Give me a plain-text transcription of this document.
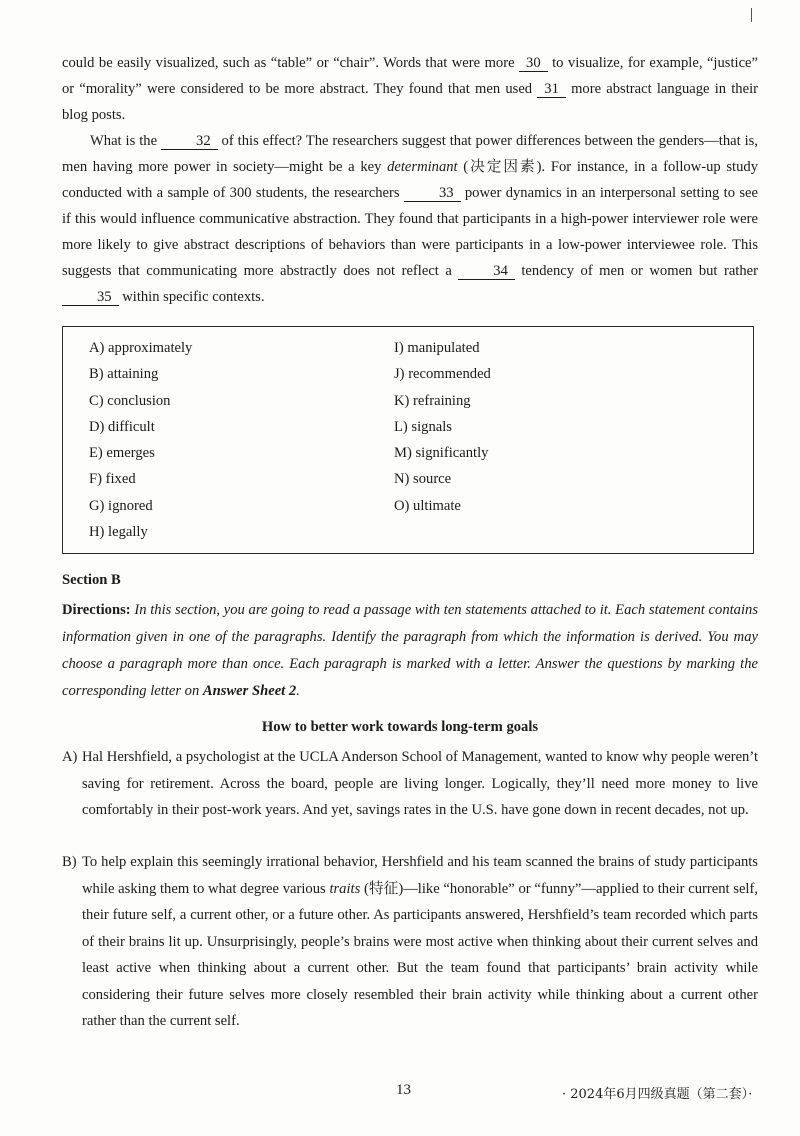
could be easily visualized, such as “table” or “chair”. Words that were more 30 to visualize, for example, “justice” or “morality” were considered to be more abstract. They found that men used 31 more abstract language in their blog posts.

What is the 32 of this effect? The researchers suggest that power differences between the genders—that is, men having more power in society—might be a key determinant (决定因素). For instance, in a follow-up study conducted with a sample of 300 students, the researchers 33 power dynamics in an interpersonal setting to see if this would influence communicative abstraction. They found that participants in a high-power interviewer role were more likely to give abstract descriptions of behaviors than were participants in a low-power interviewee role. This suggests that communicating more abstractly does not reflect a 34 tendency of men or women but rather 35 within specific contexts.

A) approximately
B) attaining
C) conclusion
D) difficult
E) emerges
F) fixed
G) ignored
H) legally
I) manipulated
J) recommended
K) refraining
L) signals
M) significantly
N) source
O) ultimate
Section B

Directions: In this section, you are going to read a passage with ten statements attached to it. Each statement contains information given in one of the paragraphs. Identify the paragraph from which the information is derived. You may choose a paragraph more than once. Each paragraph is marked with a letter. Answer the questions by marking the corresponding letter on Answer Sheet 2.

How to better work towards long-term goals
A) Hal Hershfield, a psychologist at the UCLA Anderson School of Management, wanted to know why people weren’t saving for retirement. Across the board, people are living longer. Logically, they’ll need more money to live comfortably in their post-work years. And yet, savings rates in the U.S. have gone down in recent decades, not up.
B) To help explain this seemingly irrational behavior, Hershfield and his team scanned the brains of study participants while asking them to what degree various traits (特征)—like “honorable” or “funny”—applied to their current self, their future self, a current other, or a future other. As participants answered, Hershfield’s team recorded which parts of their brains lit up. Unsurprisingly, people’s brains were most active when thinking about their current selves and least active when thinking about a current other. But the team found that participants’ brain activity while considering their future selves more closely resembled their brain activity while thinking about a current other rather than the current self.
13	· 2024年6月四级真题（第二套）·
